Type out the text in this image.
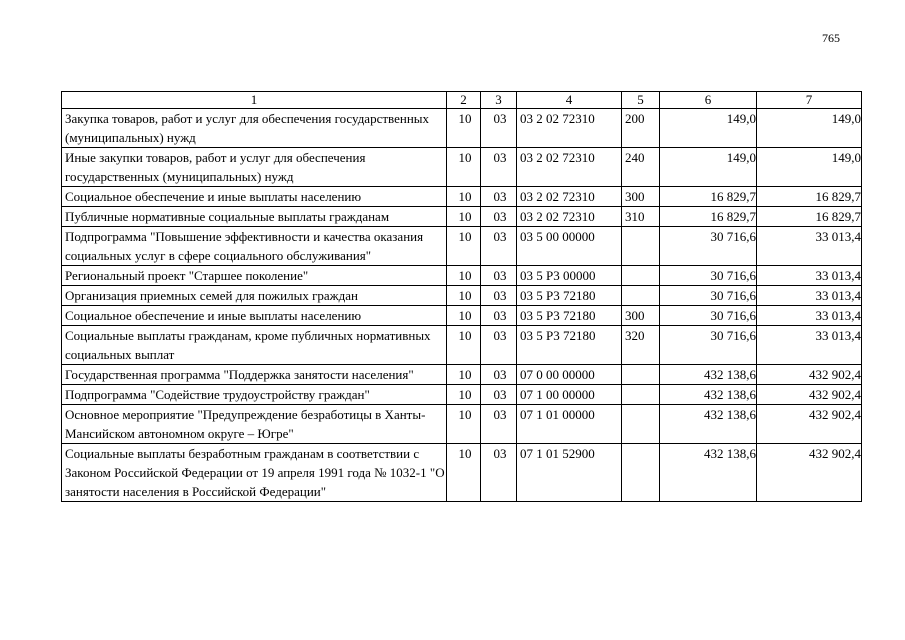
765
1	2	3	4	5	6	7
Закупка товаров, работ и услуг для обеспечения государственных (муниципальных) нужд	10	03	03 2 02 72310	200	149,0	149,0
Иные закупки товаров, работ и услуг для обеспечения государственных (муниципальных) нужд	10	03	03 2 02 72310	240	149,0	149,0
Социальное обеспечение и иные выплаты населению	10	03	03 2 02 72310	300	16 829,7	16 829,7
Публичные нормативные социальные выплаты гражданам	10	03	03 2 02 72310	310	16 829,7	16 829,7
Подпрограмма "Повышение эффективности и качества оказания социальных услуг в сфере социального обслуживания"	10	03	03 5 00 00000		30 716,6	33 013,4
Региональный проект "Старшее поколение"	10	03	03 5 P3 00000		30 716,6	33 013,4
Организация приемных семей для пожилых граждан	10	03	03 5 P3 72180		30 716,6	33 013,4
Социальное обеспечение и иные выплаты населению	10	03	03 5 P3 72180	300	30 716,6	33 013,4
Социальные выплаты гражданам, кроме публичных нормативных социальных выплат	10	03	03 5 P3 72180	320	30 716,6	33 013,4
Государственная программа "Поддержка занятости населения"	10	03	07 0 00 00000		432 138,6	432 902,4
Подпрограмма "Содействие трудоустройству граждан"	10	03	07 1 00 00000		432 138,6	432 902,4
Основное мероприятие "Предупреждение безработицы в Ханты-Мансийском автономном округе – Югре"	10	03	07 1 01 00000		432 138,6	432 902,4
Социальные выплаты безработным гражданам в соответствии с Законом Российской Федерации от 19 апреля 1991 года № 1032-1 "О занятости населения в Российской Федерации"	10	03	07 1 01 52900		432 138,6	432 902,4
